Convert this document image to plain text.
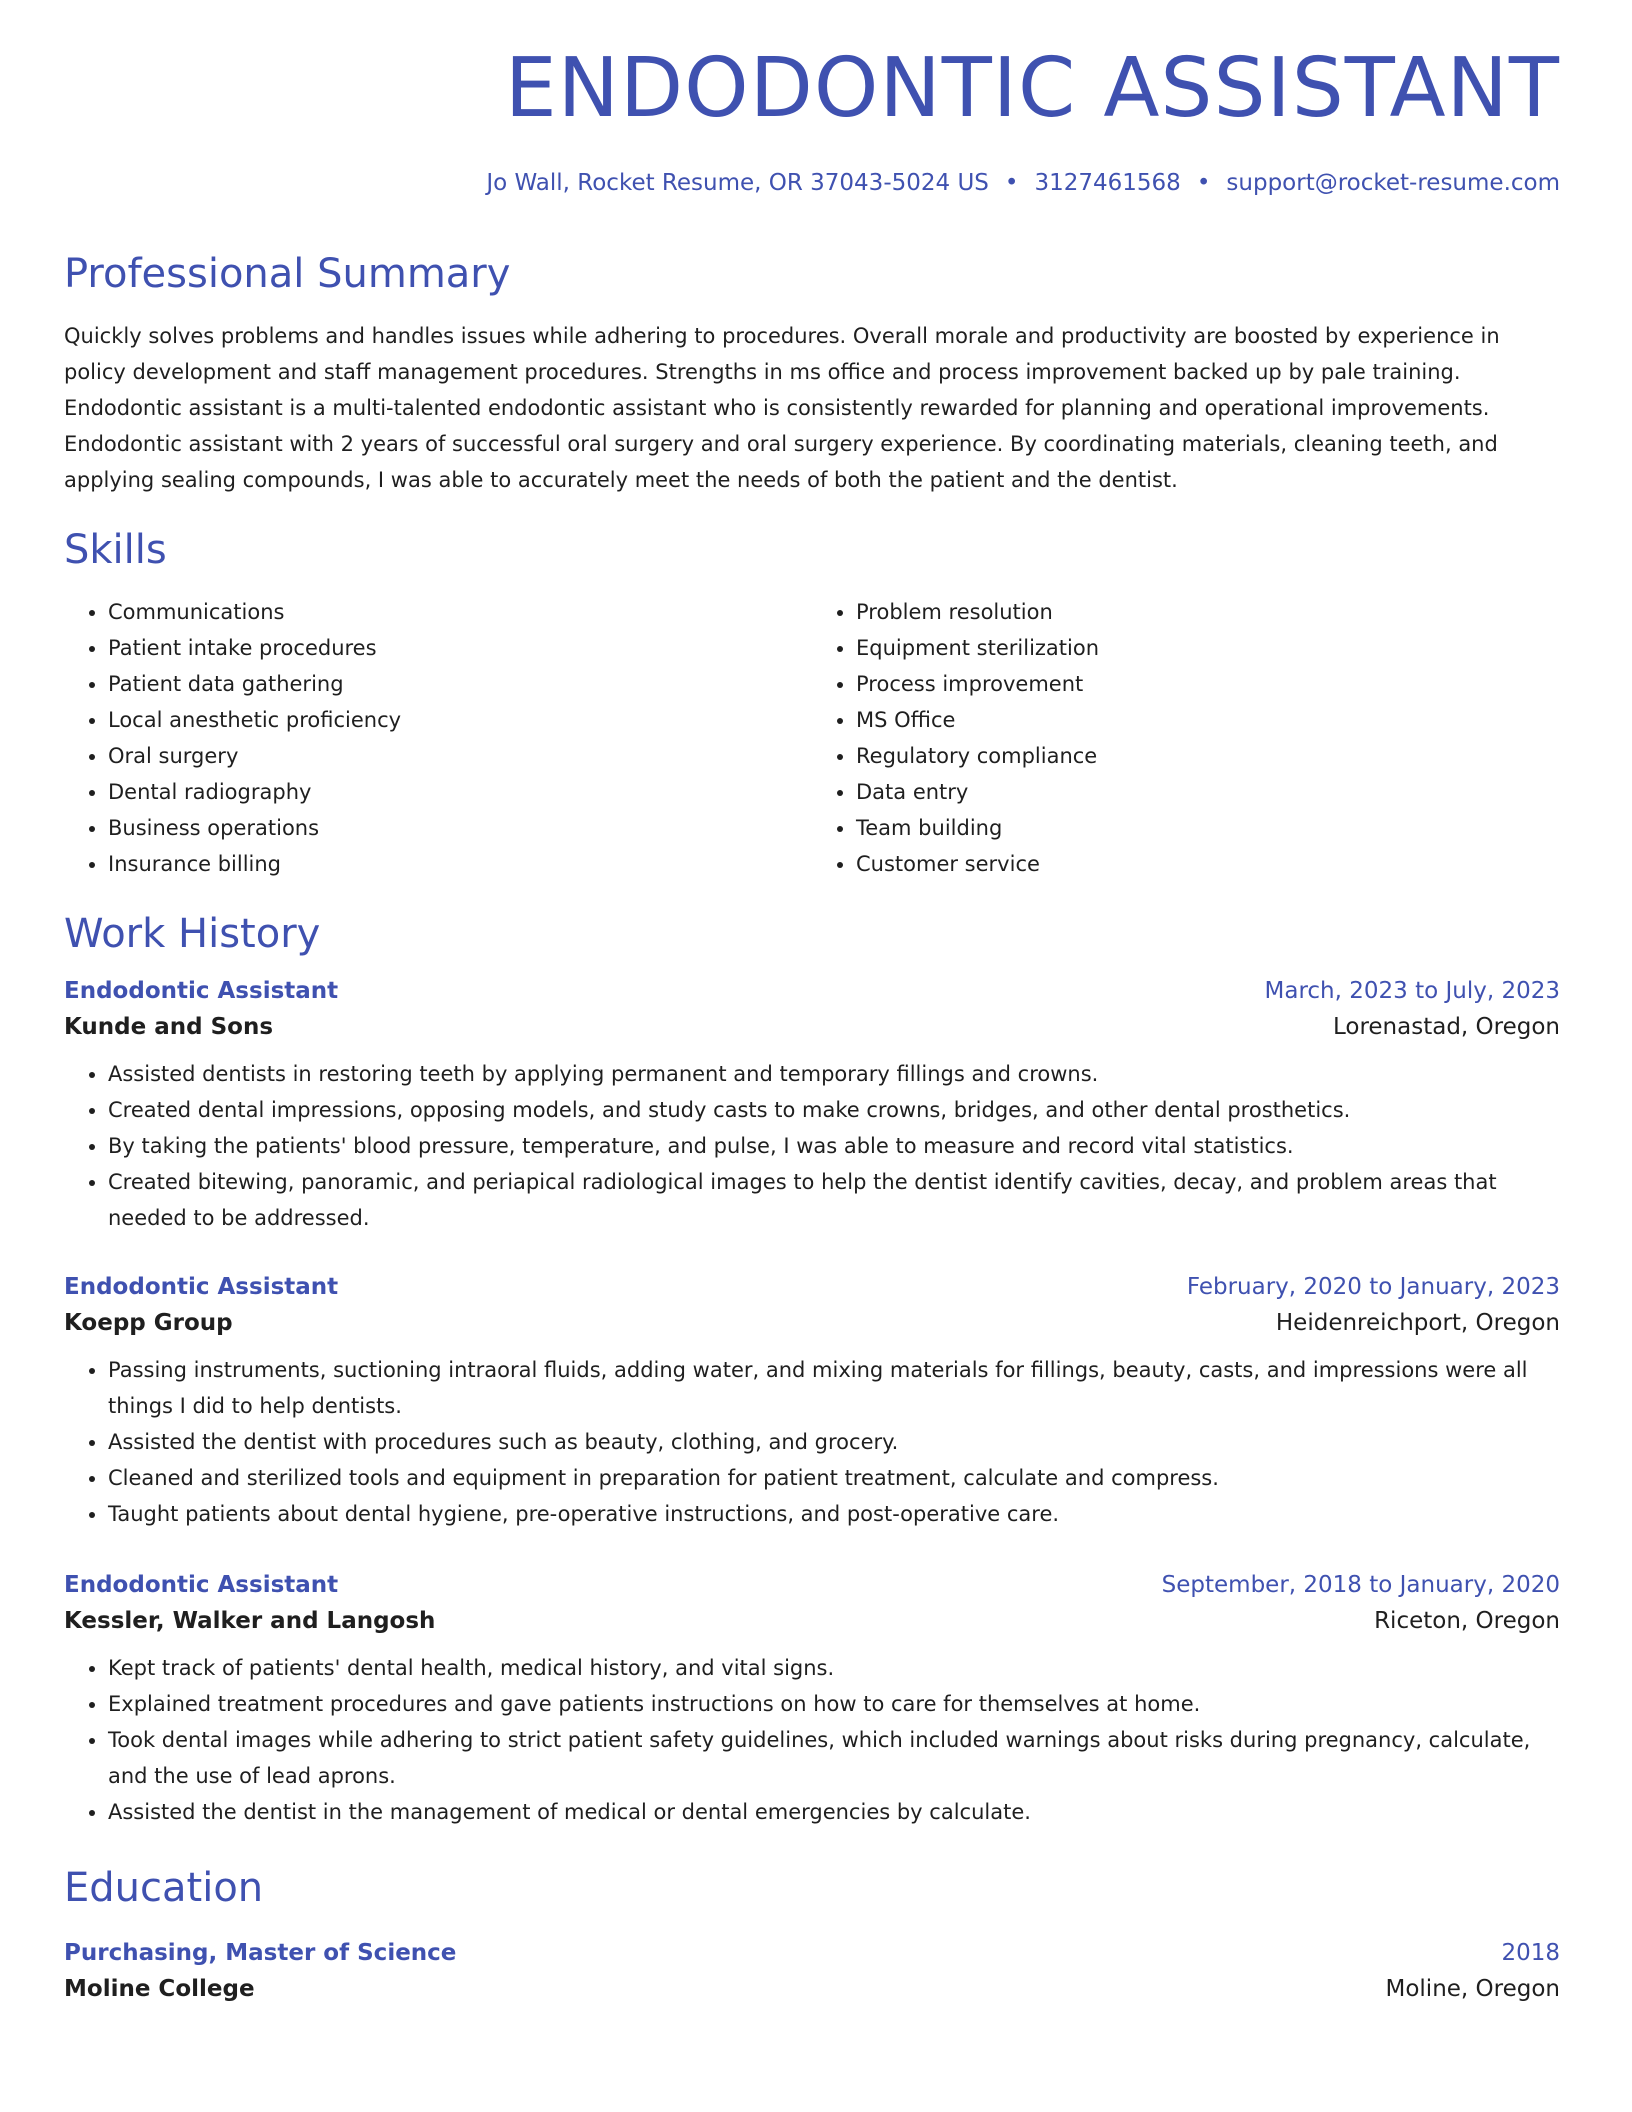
ENDODONTIC ASSISTANT
Jo Wall, Rocket Resume, OR 37043-5024 US • 3127461568 • support@rocket-resume.com
Professional Summary
Quickly solves problems and handles issues while adhering to procedures. Overall morale and productivity are boosted by experience in policy development and staff management procedures. Strengths in ms office and process improvement backed up by pale training. Endodontic assistant is a multi-talented endodontic assistant who is consistently rewarded for planning and operational improvements. Endodontic assistant with 2 years of successful oral surgery and oral surgery experience. By coordinating materials, cleaning teeth, and applying sealing compounds, I was able to accurately meet the needs of both the patient and the dentist.
Skills
• Communications
• Patient intake procedures
• Patient data gathering
• Local anesthetic proficiency
• Oral surgery
• Dental radiography
• Business operations
• Insurance billing
• Problem resolution
• Equipment sterilization
• Process improvement
• MS Office
• Regulatory compliance
• Data entry
• Team building
• Customer service
Work History
Endodontic Assistant	March, 2023 to July, 2023
Kunde and Sons	Lorenastad, Oregon
• Assisted dentists in restoring teeth by applying permanent and temporary fillings and crowns.
• Created dental impressions, opposing models, and study casts to make crowns, bridges, and other dental prosthetics.
• By taking the patients' blood pressure, temperature, and pulse, I was able to measure and record vital statistics.
• Created bitewing, panoramic, and periapical radiological images to help the dentist identify cavities, decay, and problem areas that needed to be addressed.
Endodontic Assistant	February, 2020 to January, 2023
Koepp Group	Heidenreichport, Oregon
• Passing instruments, suctioning intraoral fluids, adding water, and mixing materials for fillings, beauty, casts, and impressions were all things I did to help dentists.
• Assisted the dentist with procedures such as beauty, clothing, and grocery.
• Cleaned and sterilized tools and equipment in preparation for patient treatment, calculate and compress.
• Taught patients about dental hygiene, pre-operative instructions, and post-operative care.
Endodontic Assistant	September, 2018 to January, 2020
Kessler, Walker and Langosh	Riceton, Oregon
• Kept track of patients' dental health, medical history, and vital signs.
• Explained treatment procedures and gave patients instructions on how to care for themselves at home.
• Took dental images while adhering to strict patient safety guidelines, which included warnings about risks during pregnancy, calculate, and the use of lead aprons.
• Assisted the dentist in the management of medical or dental emergencies by calculate.
Education
Purchasing, Master of Science	2018
Moline College	Moline, Oregon
